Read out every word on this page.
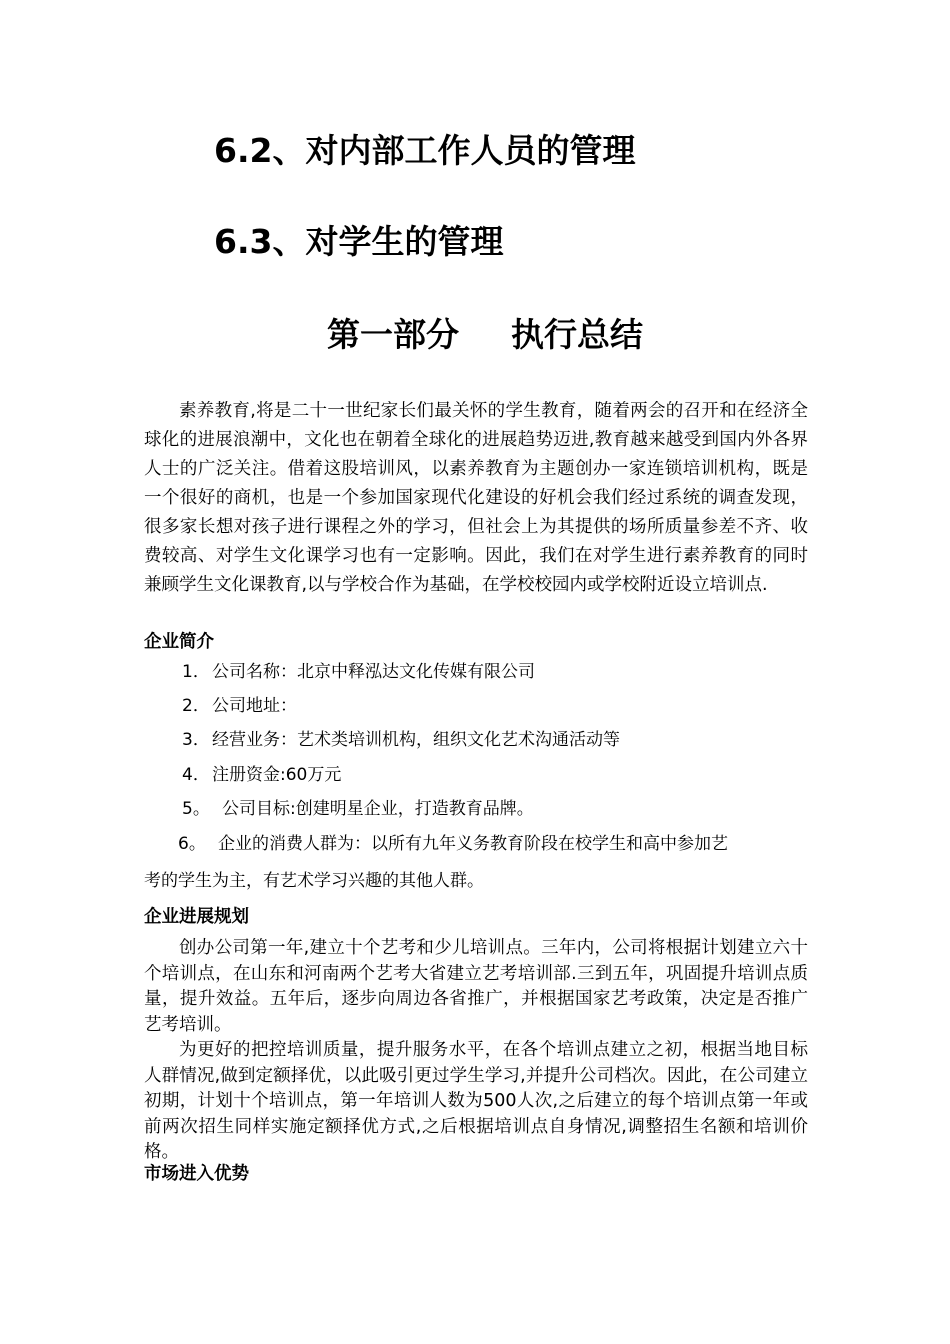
6.2、对内部工作人员的管理
6.3、对学生的管理
第一部分 执行总结

素养教育,将是二十一世纪家长们最关怀的学生教育，随着两会的召开和在经济全球化的进展浪潮中，文化也在朝着全球化的进展趋势迈进,教育越来越受到国内外各界人士的广泛关注。借着这股培训风，以素养教育为主题创办一家连锁培训机构，既是一个很好的商机，也是一个参加国家现代化建设的好机会我们经过系统的调查发现，很多家长想对孩子进行课程之外的学习，但社会上为其提供的场所质量参差不齐、收费较高、对学生文化课学习也有一定影响。因此，我们在对学生进行素养教育的同时兼顾学生文化课教育,以与学校合作为基础，在学校校园内或学校附近设立培训点.

企业简介

1． 公司名称：北京中释泓达文化传媒有限公司

2． 公司地址：

3． 经营业务：艺术类培训机构，组织文化艺术沟通活动等

4． 注册资金:60万元

5。 公司目标:创建明星企业，打造教育品牌。

6。 企业的消费人群为：以所有九年义务教育阶段在校学生和高中参加艺

考的学生为主，有艺术学习兴趣的其他人群。

企业进展规划

创办公司第一年,建立十个艺考和少儿培训点。三年内，公司将根据计划建立六十个培训点，在山东和河南两个艺考大省建立艺考培训部.三到五年，巩固提升培训点质量，提升效益。五年后，逐步向周边各省推广，并根据国家艺考政策，决定是否推广艺考培训。

为更好的把控培训质量，提升服务水平，在各个培训点建立之初，根据当地目标人群情况,做到定额择优，以此吸引更过学生学习,并提升公司档次。因此，在公司建立初期，计划十个培训点，第一年培训人数为500人次,之后建立的每个培训点第一年或前两次招生同样实施定额择优方式,之后根据培训点自身情况,调整招生名额和培训价格。

市场进入优势
